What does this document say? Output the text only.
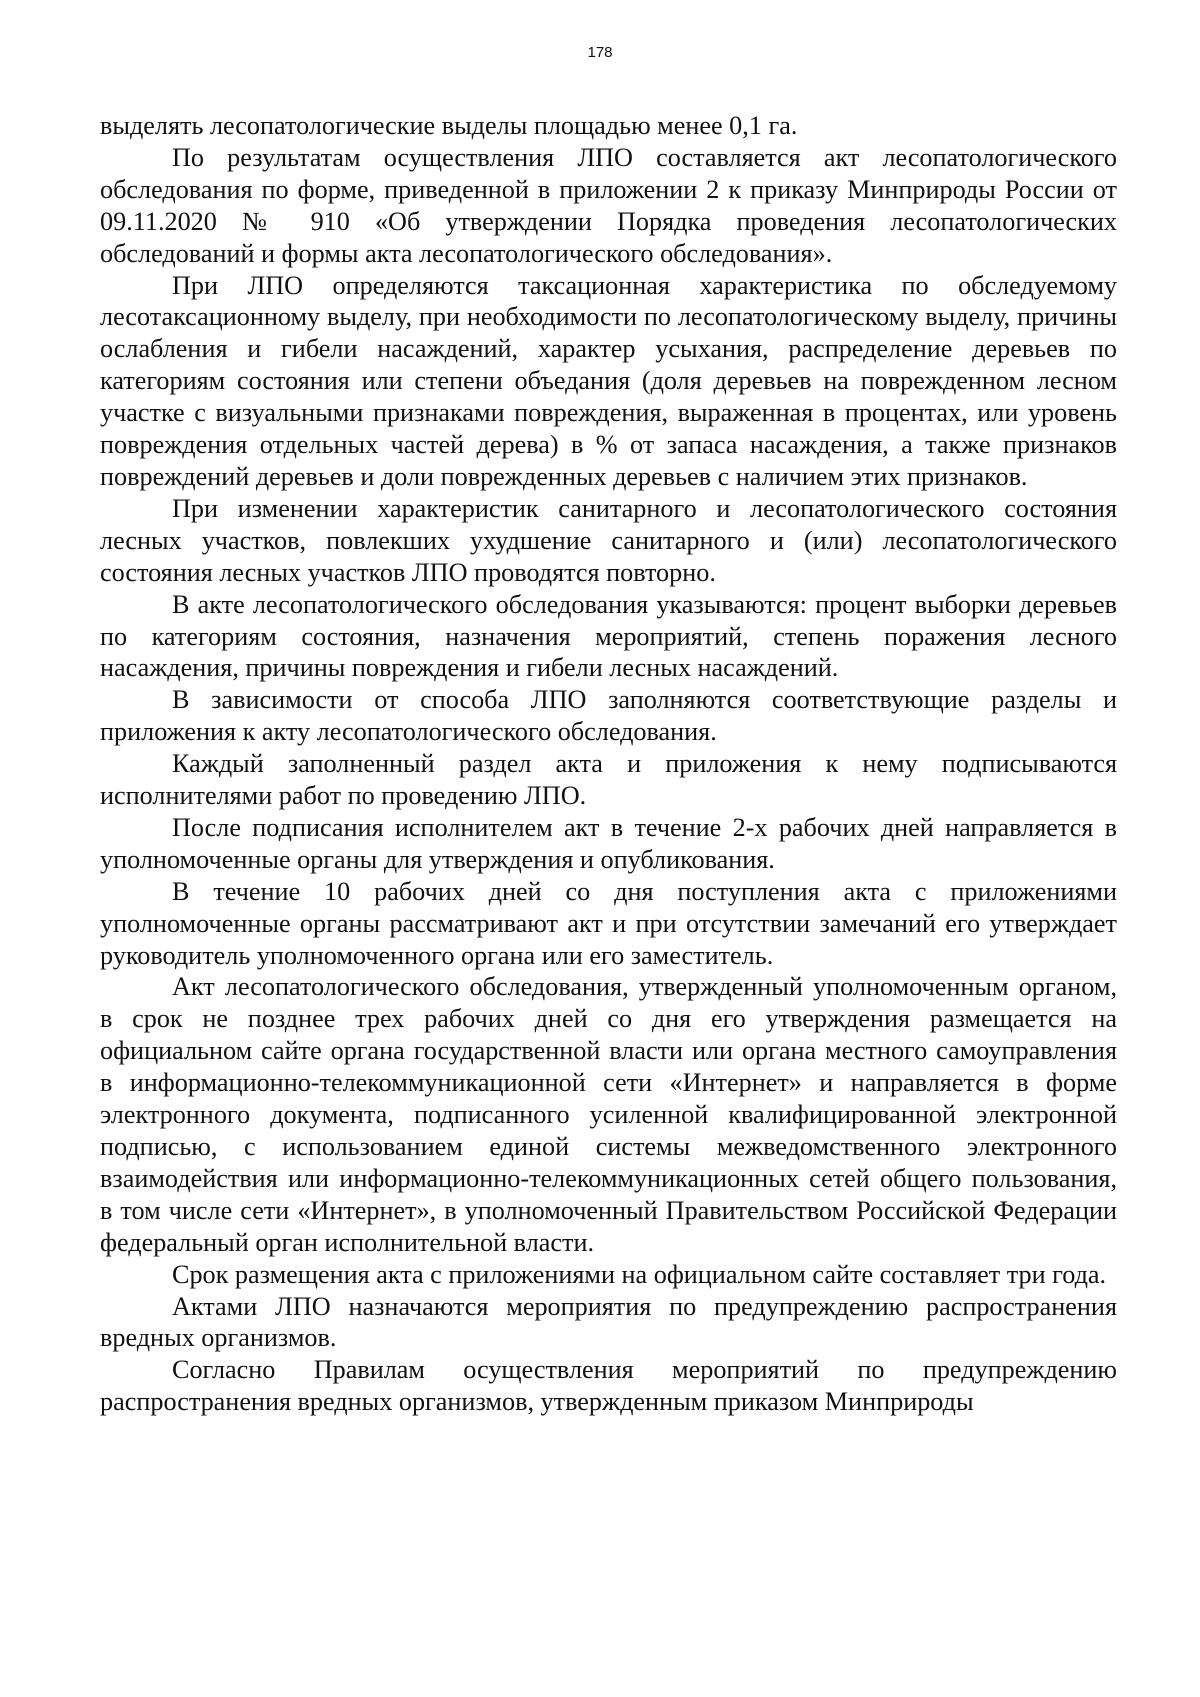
178

выделять лесопатологические выделы площадью менее 0,1 га.

По результатам осуществления ЛПО составляется акт лесопатологического обследования по форме, приведенной в приложении 2 к приказу Минприроды России от 09.11.2020 № 910 «Об утверждении Порядка проведения лесопатологических обследований и формы акта лесопатологического обследования».

При ЛПО определяются таксационная характеристика по обследуемому лесотаксационному выделу, при необходимости по лесопатологическому выделу, причины ослабления и гибели насаждений, характер усыхания, распределение деревьев по категориям состояния или степени объедания (доля деревьев на поврежденном лесном участке с визуальными признаками повреждения, выраженная в процентах, или уровень повреждения отдельных частей дерева) в % от запаса насаждения, а также признаков повреждений деревьев и доли поврежденных деревьев с наличием этих признаков.

При изменении характеристик санитарного и лесопатологического состояния лесных участков, повлекших ухудшение санитарного и (или) лесопатологического состояния лесных участков ЛПО проводятся повторно.

В акте лесопатологического обследования указываются: процент выборки деревьев по категориям состояния, назначения мероприятий, степень поражения лесного насаждения, причины повреждения и гибели лесных насаждений.

В зависимости от способа ЛПО заполняются соответствующие разделы и приложения к акту лесопатологического обследования.

Каждый заполненный раздел акта и приложения к нему подписываются исполнителями работ по проведению ЛПО.

После подписания исполнителем акт в течение 2-х рабочих дней направляется в уполномоченные органы для утверждения и опубликования.

В течение 10 рабочих дней со дня поступления акта с приложениями уполномоченные органы рассматривают акт и при отсутствии замечаний его утверждает руководитель уполномоченного органа или его заместитель.

Акт лесопатологического обследования, утвержденный уполномоченным органом, в срок не позднее трех рабочих дней со дня его утверждения размещается на официальном сайте органа государственной власти или органа местного самоуправления в информационно-телекоммуникационной сети «Интернет» и направляется в форме электронного документа, подписанного усиленной квалифицированной электронной подписью, с использованием единой системы межведомственного электронного взаимодействия или информационно-телекоммуникационных сетей общего пользования, в том числе сети «Интернет», в уполномоченный Правительством Российской Федерации федеральный орган исполнительной власти.

Срок размещения акта с приложениями на официальном сайте составляет три года.

Актами ЛПО назначаются мероприятия по предупреждению распространения вредных организмов.

Согласно Правилам осуществления мероприятий по предупреждению распространения вредных организмов, утвержденным приказом Минприроды
